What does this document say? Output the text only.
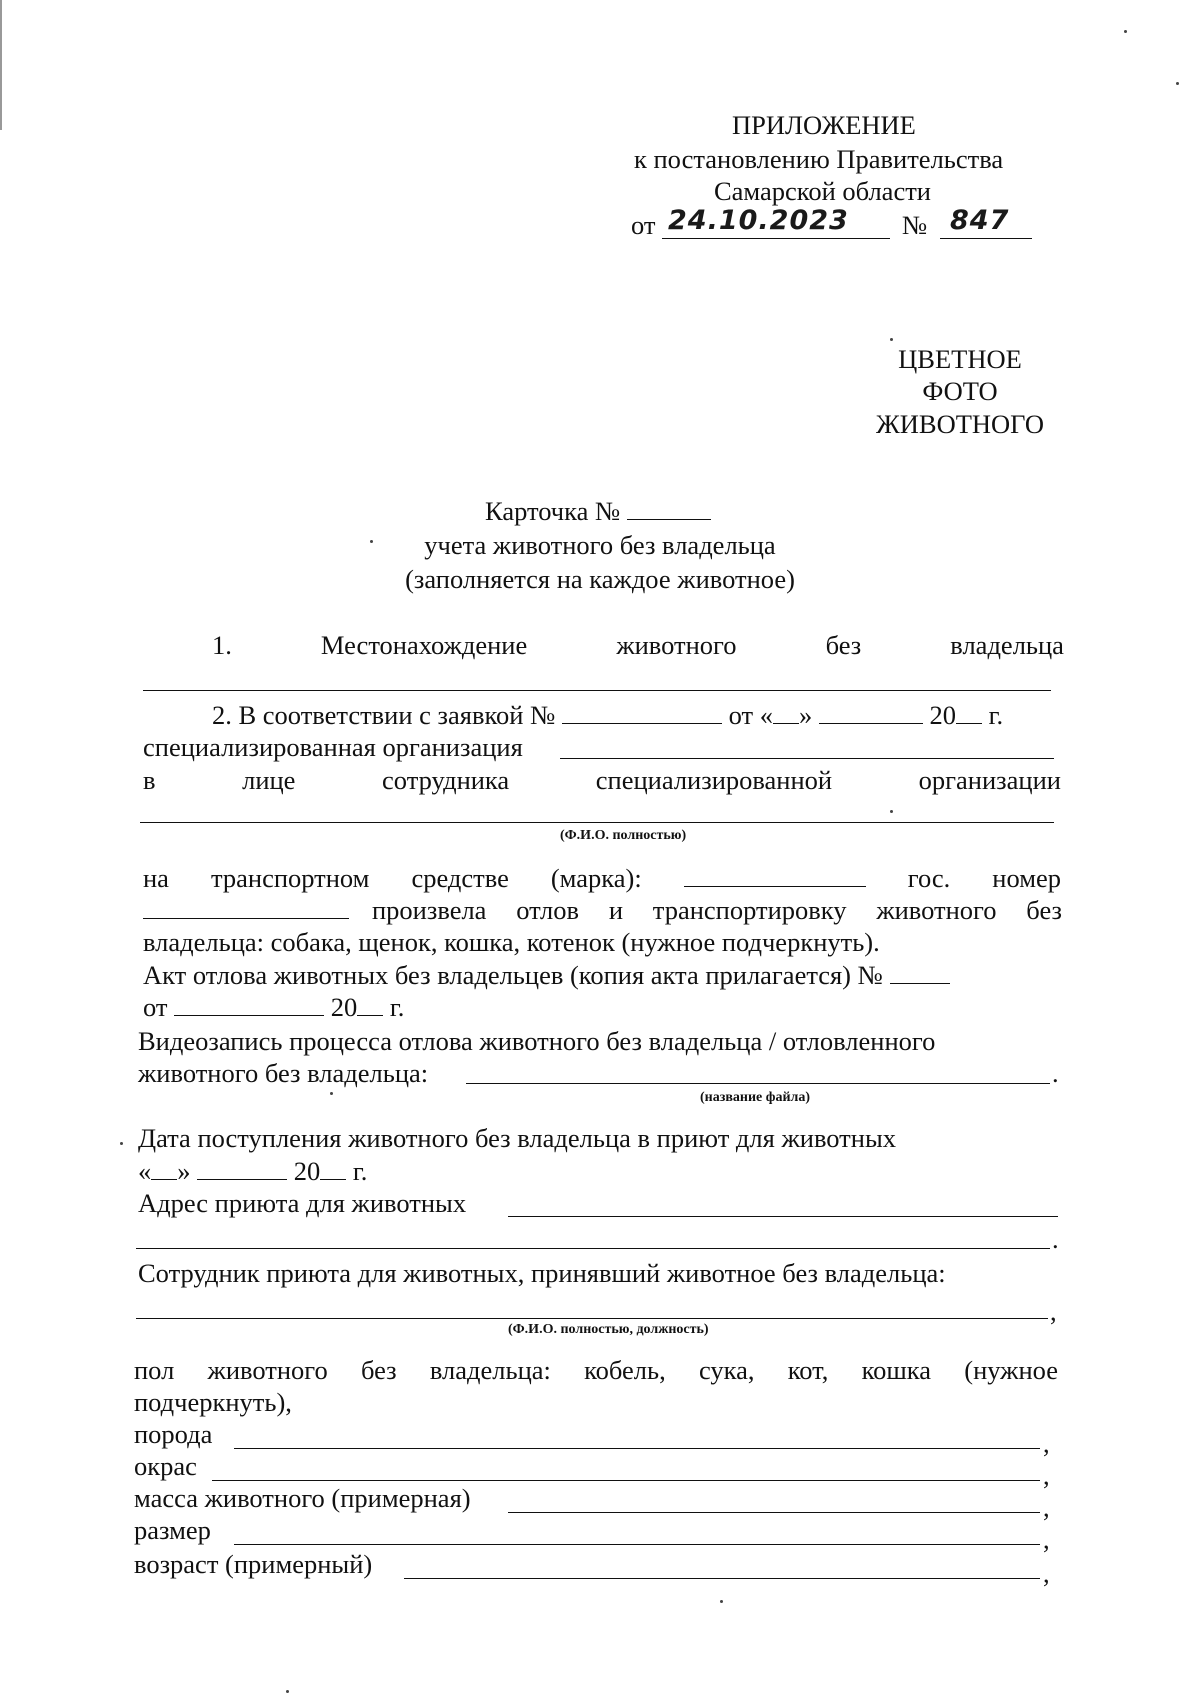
ПРИЛОЖЕНИЕ
к постановлению Правительства
Самарской области
от 24.10.2023 № 847
ЦВЕТНОЕ
ФОТО
ЖИВОТНОГО
Карточка №
учета животного без владельца
(заполняется на каждое животное)
1.	Местонахождение	животного	без	владельца
2. В соответствии с заявкой №	от « »	20 г.
специализированная организация
в	лице	сотрудника	специализированной	организации
(Ф.И.О. полностью)
на транспортном средстве (марка):	гос. номер
произвела отлов и транспортировку животного без
владельца: собака, щенок, кошка, котенок (нужное подчеркнуть).
Акт отлова животных без владельцев (копия акта прилагается) №
от	20 г.
Видеозапись процесса отлова животного без владельца / отловленного
животного без владельца:	.
(название файла)
Дата поступления животного без владельца в приют для животных
« »	20 г.
Адрес приюта для животных
.
Сотрудник приюта для животных, принявший животное без владельца:
,
(Ф.И.О. полностью, должность)
пол животного без владельца: кобель, сука, кот, кошка (нужное
подчеркнуть),
порода	,
окрас	,
масса животного (примерная)	,
размер	,
возраст (примерный)	,
